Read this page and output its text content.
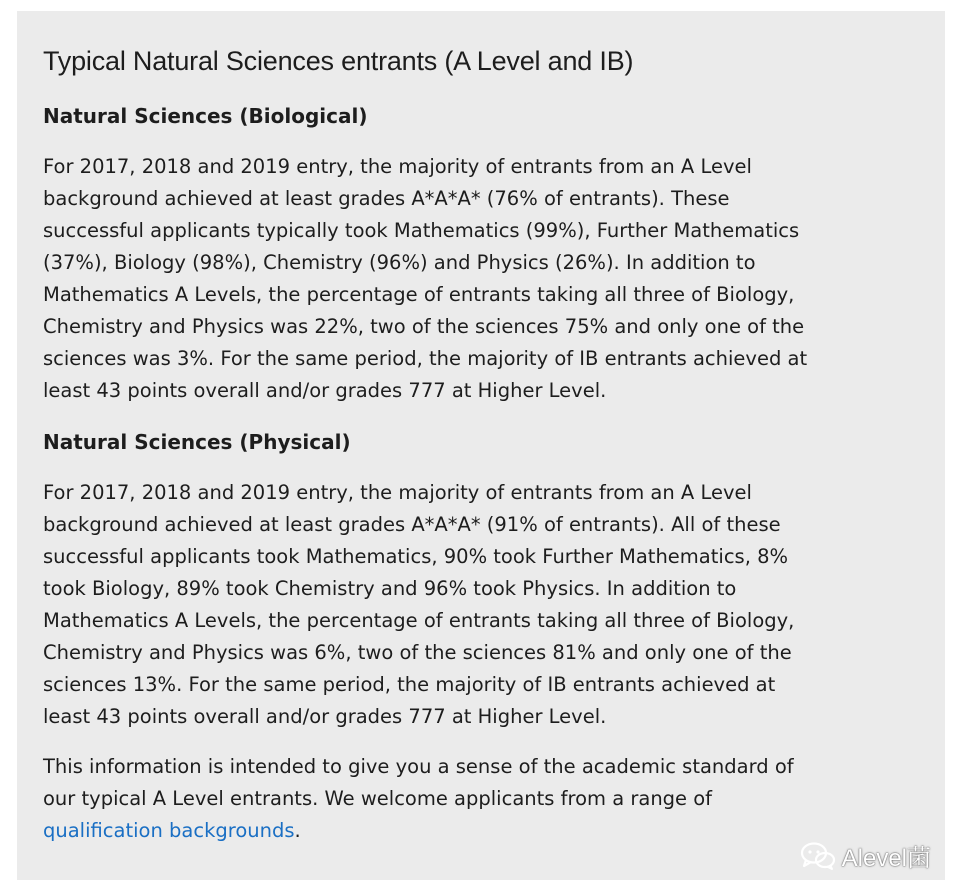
Typical Natural Sciences entrants (A Level and IB)
Natural Sciences (Biological)

For 2017, 2018 and 2019 entry, the majority of entrants from an A Level
background achieved at least grades A*A*A* (76% of entrants). These
successful applicants typically took Mathematics (99%), Further Mathematics
(37%), Biology (98%), Chemistry (96%) and Physics (26%). In addition to
Mathematics A Levels, the percentage of entrants taking all three of Biology,
Chemistry and Physics was 22%, two of the sciences 75% and only one of the
sciences was 3%. For the same period, the majority of IB entrants achieved at
least 43 points overall and/or grades 777 at Higher Level.

Natural Sciences (Physical)

For 2017, 2018 and 2019 entry, the majority of entrants from an A Level
background achieved at least grades A*A*A* (91% of entrants). All of these
successful applicants took Mathematics, 90% took Further Mathematics, 8%
took Biology, 89% took Chemistry and 96% took Physics. In addition to
Mathematics A Levels, the percentage of entrants taking all three of Biology,
Chemistry and Physics was 6%, two of the sciences 81% and only one of the
sciences 13%. For the same period, the majority of IB entrants achieved at
least 43 points overall and/or grades 777 at Higher Level.

This information is intended to give you a sense of the academic standard of
our typical A Level entrants. We welcome applicants from a range of
qualification backgrounds.

Alevel菌
